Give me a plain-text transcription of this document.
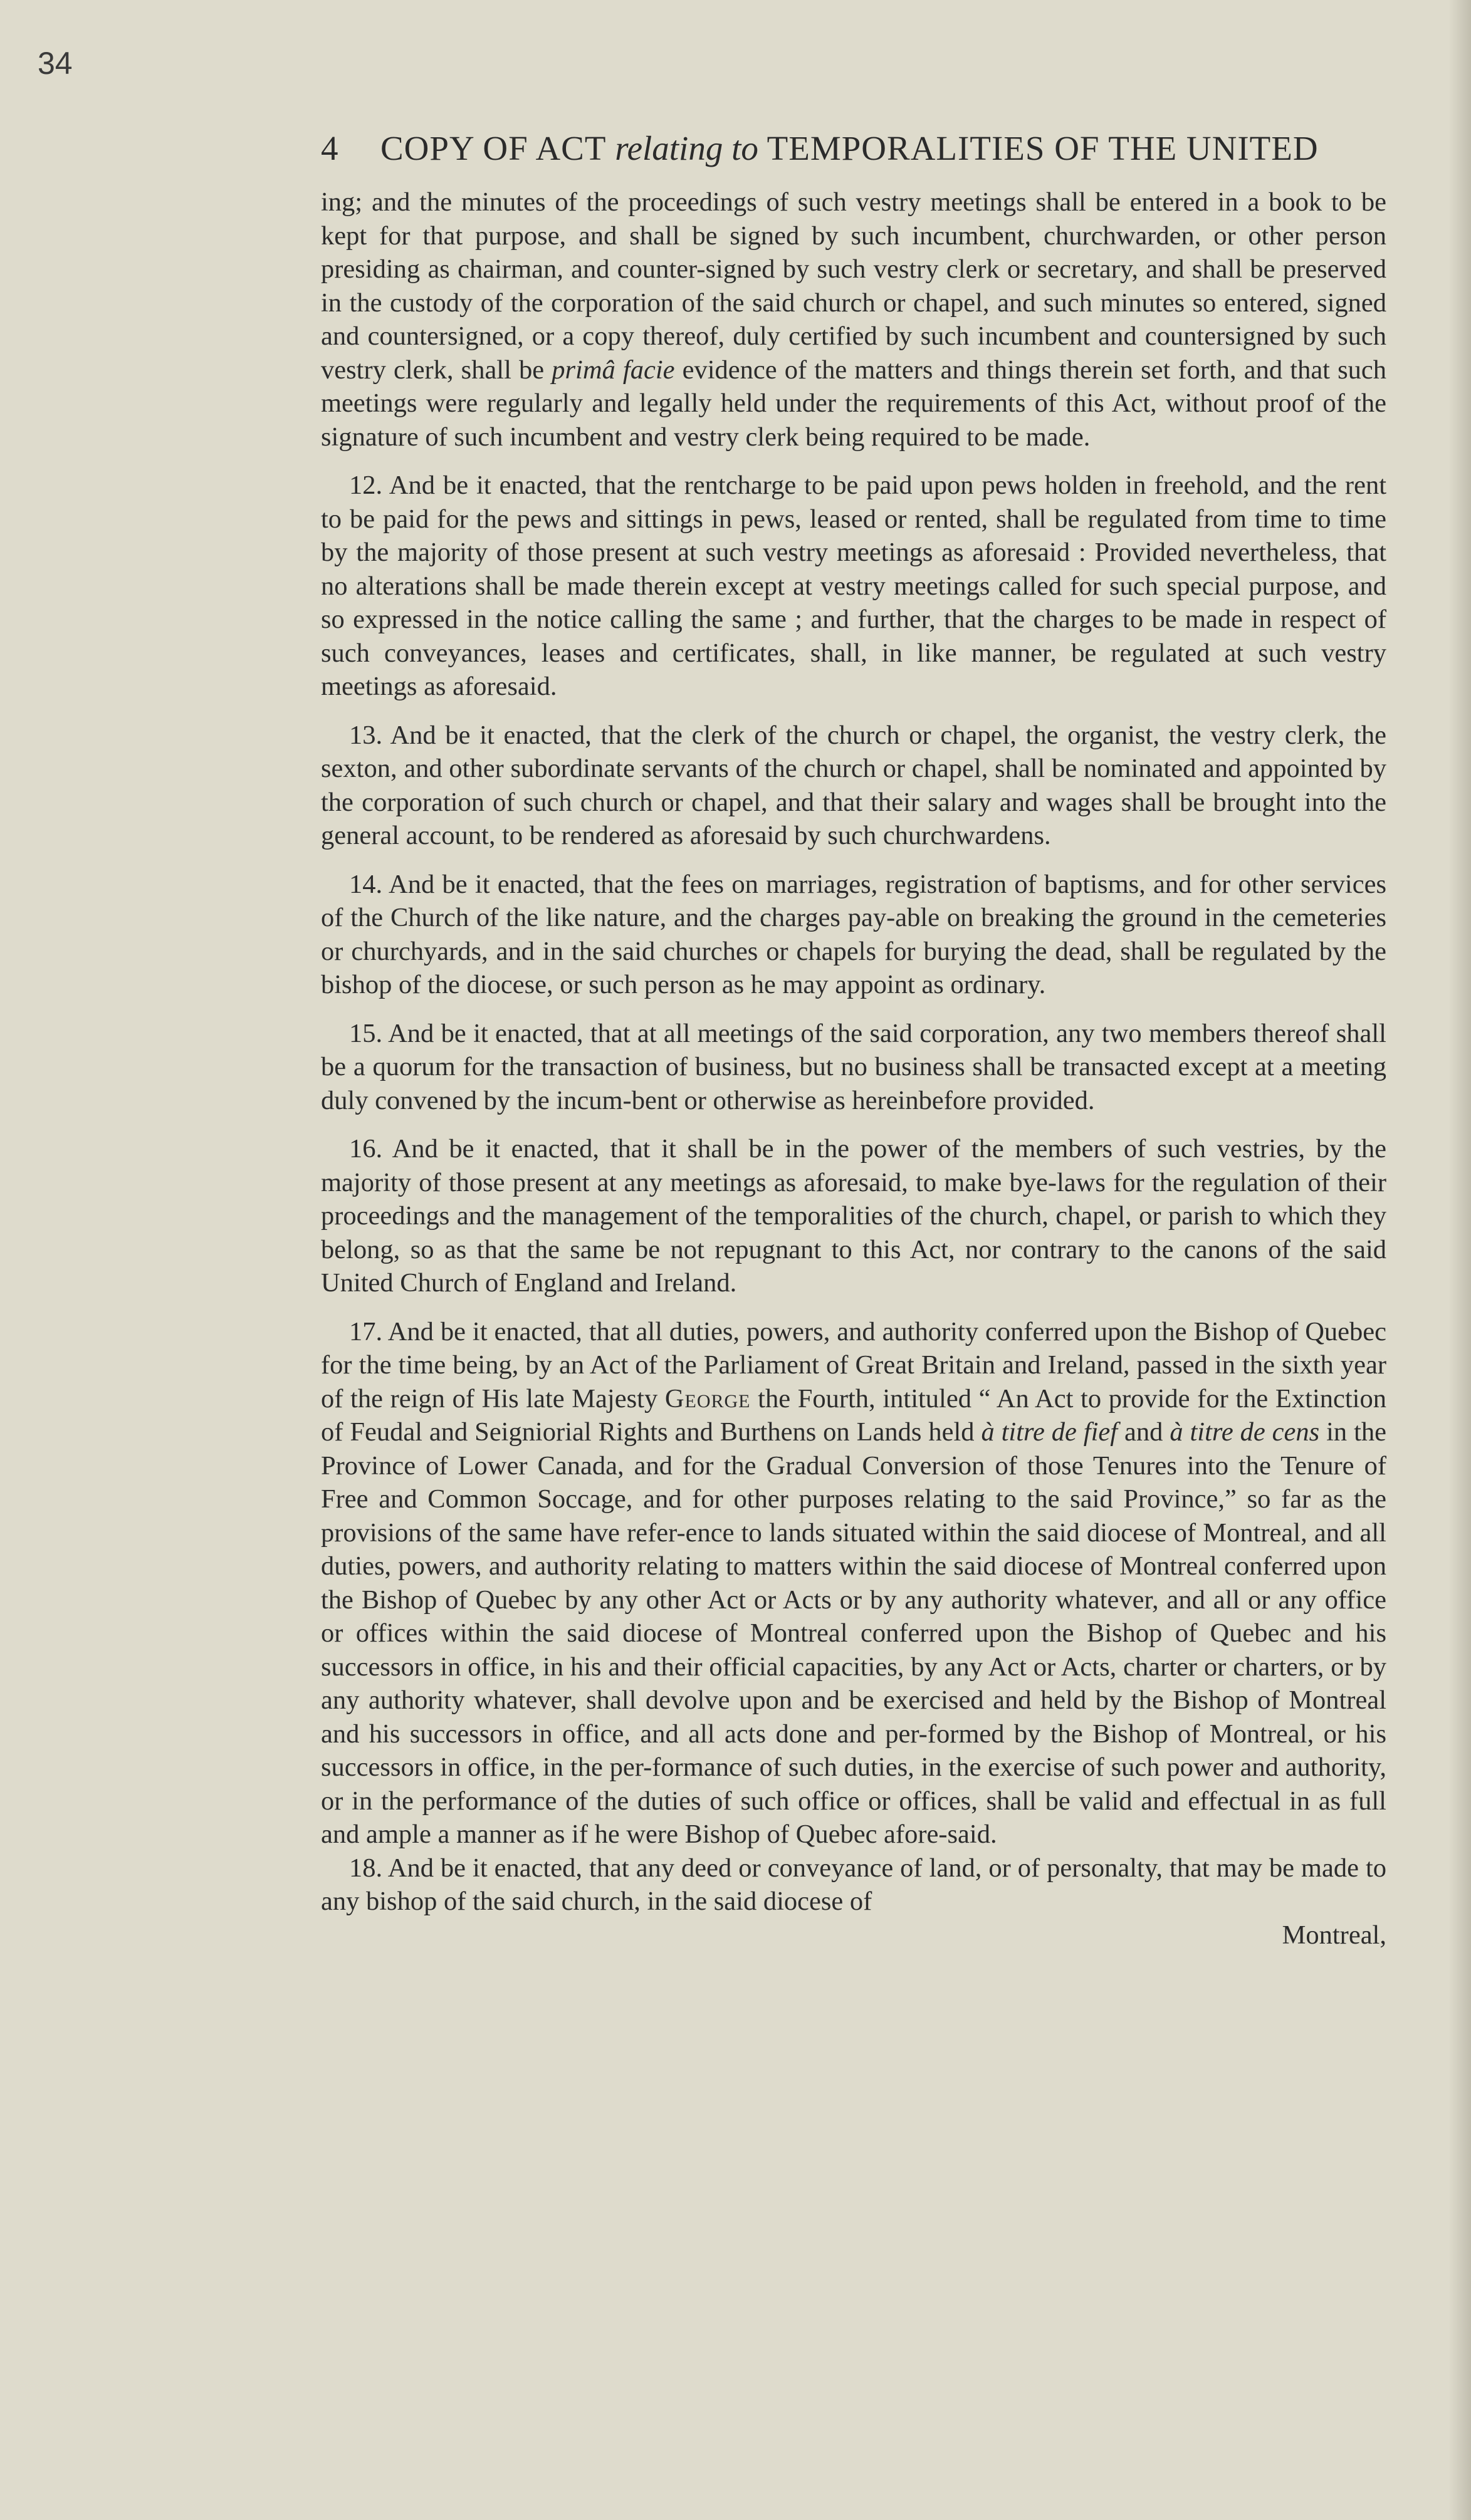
34
4 COPY OF ACT relating to TEMPORALITIES OF THE UNITED

ing; and the minutes of the proceedings of such vestry meetings shall be entered in a book to be kept for that purpose, and shall be signed by such incumbent, churchwarden, or other person presiding as chairman, and counter-signed by such vestry clerk or secretary, and shall be preserved in the custody of the corporation of the said church or chapel, and such minutes so entered, signed and countersigned, or a copy thereof, duly certified by such incumbent and countersigned by such vestry clerk, shall be primâ facie evidence of the matters and things therein set forth, and that such meetings were regularly and legally held under the requirements of this Act, without proof of the signature of such incumbent and vestry clerk being required to be made.

12. And be it enacted, that the rentcharge to be paid upon pews holden in freehold, and the rent to be paid for the pews and sittings in pews, leased or rented, shall be regulated from time to time by the majority of those present at such vestry meetings as aforesaid : Provided nevertheless, that no alterations shall be made therein except at vestry meetings called for such special purpose, and so expressed in the notice calling the same ; and further, that the charges to be made in respect of such conveyances, leases and certificates, shall, in like manner, be regulated at such vestry meetings as aforesaid.

13. And be it enacted, that the clerk of the church or chapel, the organist, the vestry clerk, the sexton, and other subordinate servants of the church or chapel, shall be nominated and appointed by the corporation of such church or chapel, and that their salary and wages shall be brought into the general account, to be rendered as aforesaid by such churchwardens.

14. And be it enacted, that the fees on marriages, registration of baptisms, and for other services of the Church of the like nature, and the charges pay-able on breaking the ground in the cemeteries or churchyards, and in the said churches or chapels for burying the dead, shall be regulated by the bishop of the diocese, or such person as he may appoint as ordinary.

15. And be it enacted, that at all meetings of the said corporation, any two members thereof shall be a quorum for the transaction of business, but no business shall be transacted except at a meeting duly convened by the incum-bent or otherwise as hereinbefore provided.

16. And be it enacted, that it shall be in the power of the members of such vestries, by the majority of those present at any meetings as aforesaid, to make bye-laws for the regulation of their proceedings and the management of the temporalities of the church, chapel, or parish to which they belong, so as that the same be not repugnant to this Act, nor contrary to the canons of the said United Church of England and Ireland.

17. And be it enacted, that all duties, powers, and authority conferred upon the Bishop of Quebec for the time being, by an Act of the Parliament of Great Britain and Ireland, passed in the sixth year of the reign of His late Majesty George the Fourth, intituled “ An Act to provide for the Extinction of Feudal and Seigniorial Rights and Burthens on Lands held à titre de fief and à titre de cens in the Province of Lower Canada, and for the Gradual Conversion of those Tenures into the Tenure of Free and Common Soccage, and for other purposes relating to the said Province,” so far as the provisions of the same have refer-ence to lands situated within the said diocese of Montreal, and all duties, powers, and authority relating to matters within the said diocese of Montreal conferred upon the Bishop of Quebec by any other Act or Acts or by any authority whatever, and all or any office or offices within the said diocese of Montreal conferred upon the Bishop of Quebec and his successors in office, in his and their official capacities, by any Act or Acts, charter or charters, or by any authority whatever, shall devolve upon and be exercised and held by the Bishop of Montreal and his successors in office, and all acts done and per-formed by the Bishop of Montreal, or his successors in office, in the per-formance of such duties, in the exercise of such power and authority, or in the performance of the duties of such office or offices, shall be valid and effectual in as full and ample a manner as if he were Bishop of Quebec afore-said.

18. And be it enacted, that any deed or conveyance of land, or of personalty, that may be made to any bishop of the said church, in the said diocese of

Montreal,
